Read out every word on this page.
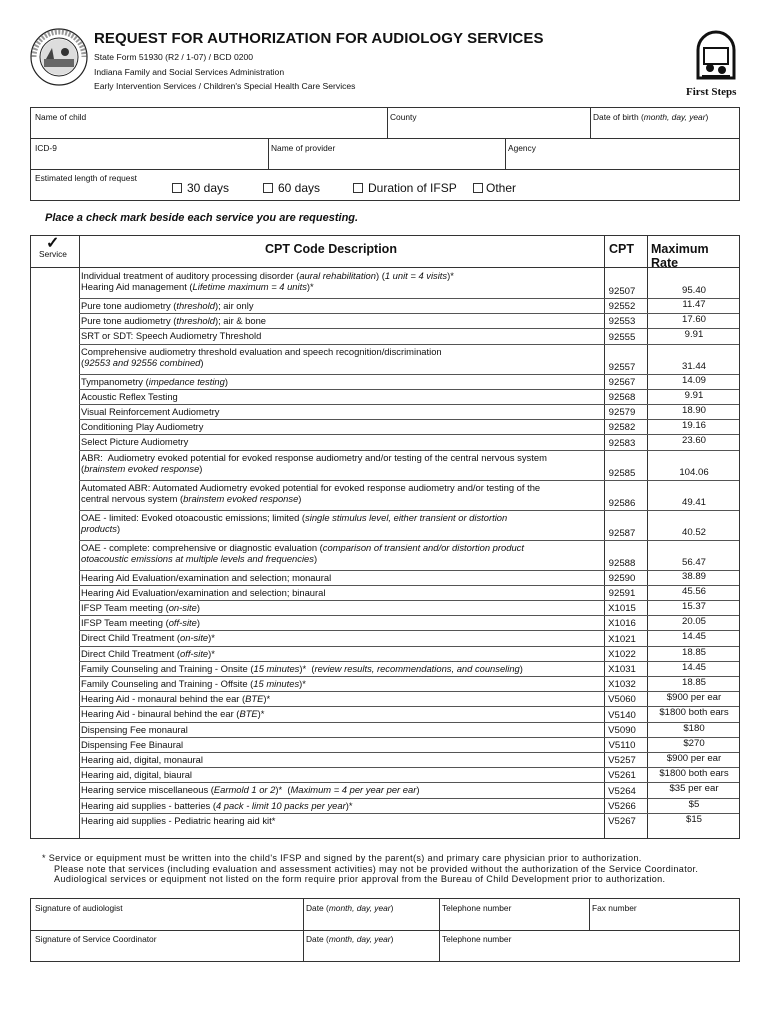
REQUEST FOR AUTHORIZATION FOR AUDIOLOGY SERVICES
State Form 51930 (R2 / 1-07) / BCD 0200
Indiana Family and Social Services Administration
Early Intervention Services / Children's Special Health Care Services	First Steps
Name of child	County	Date of birth (month, day, year)
ICD-9	Name of provider	Agency
Estimated length of request
30 days	60 days	Duration of IFSP	Other
Place a check mark beside each service you are requesting.
✓
Service	CPT Code Description	CPT Maximum Rate
Individual treatment of auditory processing disorder (aural rehabilitation) (1 unit = 4 visits)*
Hearing Aid management (Lifetime maximum = 4 units)*	92507	95.40
Pure tone audiometry (threshold); air only	92552	11.47
Pure tone audiometry (threshold); air & bone	92553	17.60
SRT or SDT: Speech Audiometry Threshold	92555	9.91
Comprehensive audiometry threshold evaluation and speech recognition/discrimination
(92553 and 92556 combined)	92557	31.44
Tympanometry (impedance testing)	92567	14.09
Acoustic Reflex Testing	92568	9.91
Visual Reinforcement Audiometry	92579	18.90
Conditioning Play Audiometry	92582	19.16
Select Picture Audiometry	92583	23.60
ABR:  Audiometry evoked potential for evoked response audiometry and/or testing of the central nervous system
(brainstem evoked response)	92585	104.06
Automated ABR: Automated Audiometry evoked potential for evoked response audiometry and/or testing of the
central nervous system (brainstem evoked response)	92586	49.41
OAE - limited: Evoked otoacoustic emissions; limited (single stimulus level, either transient or distortion
products)	92587	40.52
OAE - complete: comprehensive or diagnostic evaluation (comparison of transient and/or distortion product
otoacoustic emissions at multiple levels and frequencies)	92588	56.47
Hearing Aid Evaluation/examination and selection; monaural	92590	38.89
Hearing Aid Evaluation/examination and selection; binaural	92591	45.56
IFSP Team meeting (on-site)	X1015	15.37
IFSP Team meeting (off-site)	X1016	20.05
Direct Child Treatment (on-site)*	X1021	14.45
Direct Child Treatment (off-site)*	X1022	18.85
Family Counseling and Training - Onsite (15 minutes)*  (review results, recommendations, and counseling)	X1031	14.45
Family Counseling and Training - Offsite (15 minutes)*	X1032	18.85
Hearing Aid - monaural behind the ear (BTE)*	V5060	$900 per ear
Hearing Aid - binaural behind the ear (BTE)*	V5140	$1800 both ears
Dispensing Fee monaural	V5090	$180
Dispensing Fee Binaural	V5110	$270
Hearing aid, digital, monaural	V5257	$900 per ear
Hearing aid, digital, biaural	V5261	$1800 both ears
Hearing service miscellaneous (Earmold 1 or 2)*  (Maximum = 4 per year per ear)	V5264	$35 per ear
Hearing aid supplies - batteries (4 pack - limit 10 packs per year)*	V5266	$5
Hearing aid supplies - Pediatric hearing aid kit*	V5267	$15
* Service or equipment must be written into the child's IFSP and signed by the parent(s) and primary care physician prior to authorization.
Please note that services (including evaluation and assessment activities) may not be provided without the authorization of the Service Coordinator.
Audiological services or equipment not listed on the form require prior approval from the Bureau of Child Development prior to authorization.
Signature of audiologist	Date (month, day, year)	Telephone number	Fax number
Signature of Service Coordinator	Date (month, day, year)	Telephone number
